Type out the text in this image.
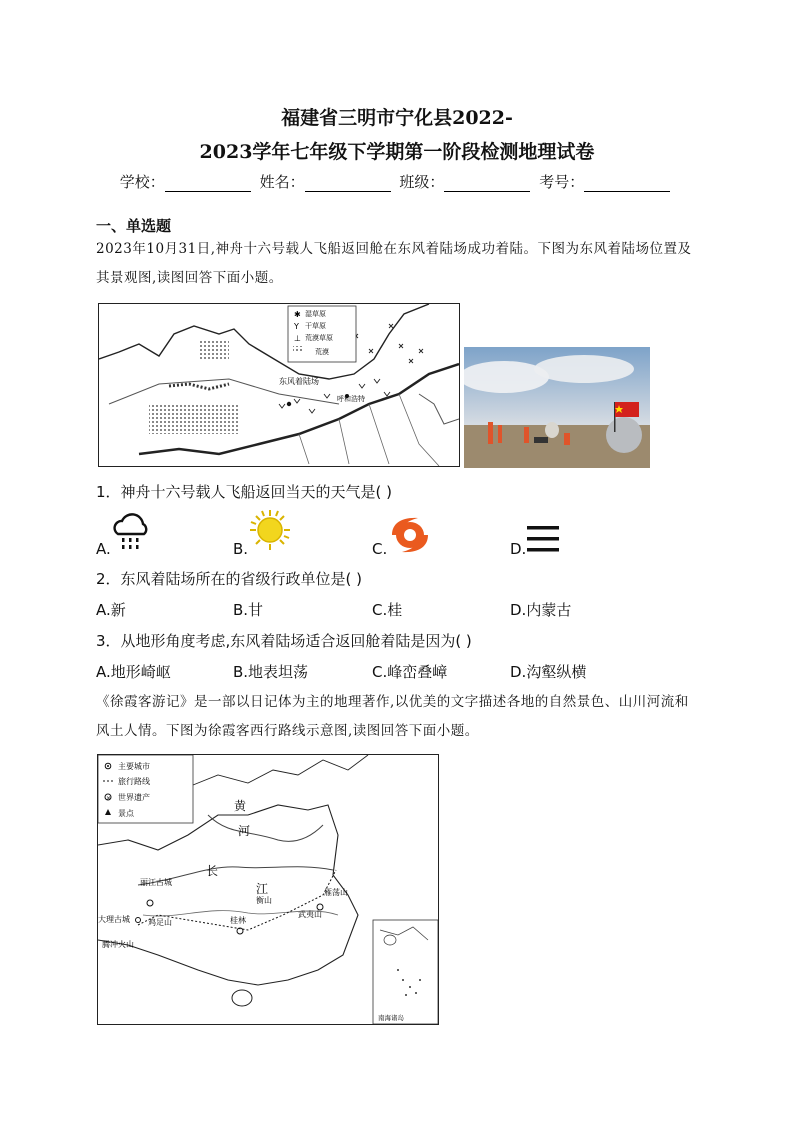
福建省三明市宁化县2022-
2023学年七年级下学期第一阶段检测地理试卷
学校：	姓名：	班级：	考号：
一、单选题
2023年10月31日,神舟十六号载人飞船返回舱在东风着陆场成功着陆。下图为东风着陆场位置及其景观图,读图回答下面小题。
✱ 湿草原
Y 干草原
⊥ 荒漠草原
荒漠
东风着陆场
呼和浩特
1．神舟十六号载人飞船返回当天的天气是( )
A.	B.	C.	D.
2．东风着陆场所在的省级行政单位是( )
A.新	B.甘	C.桂	D.内蒙古
3．从地形角度考虑,东风着陆场适合返回舱着陆是因为( )
A.地形崎岖	B.地表坦荡	C.峰峦叠嶂	D.沟壑纵横
《徐霞客游记》是一部以日记体为主的地理著作,以优美的文字描述各地的自然景色、山川河流和风土人情。下图为徐霞客西行路线示意图,读图回答下面小题。
主要城市
旅行路线
× 世界遗产
景点
南海诸岛
黄
河
长
江
丽江古城
大理古城 鸡足山
腾冲火山
桂林
衡山
武夷山
雁荡山
